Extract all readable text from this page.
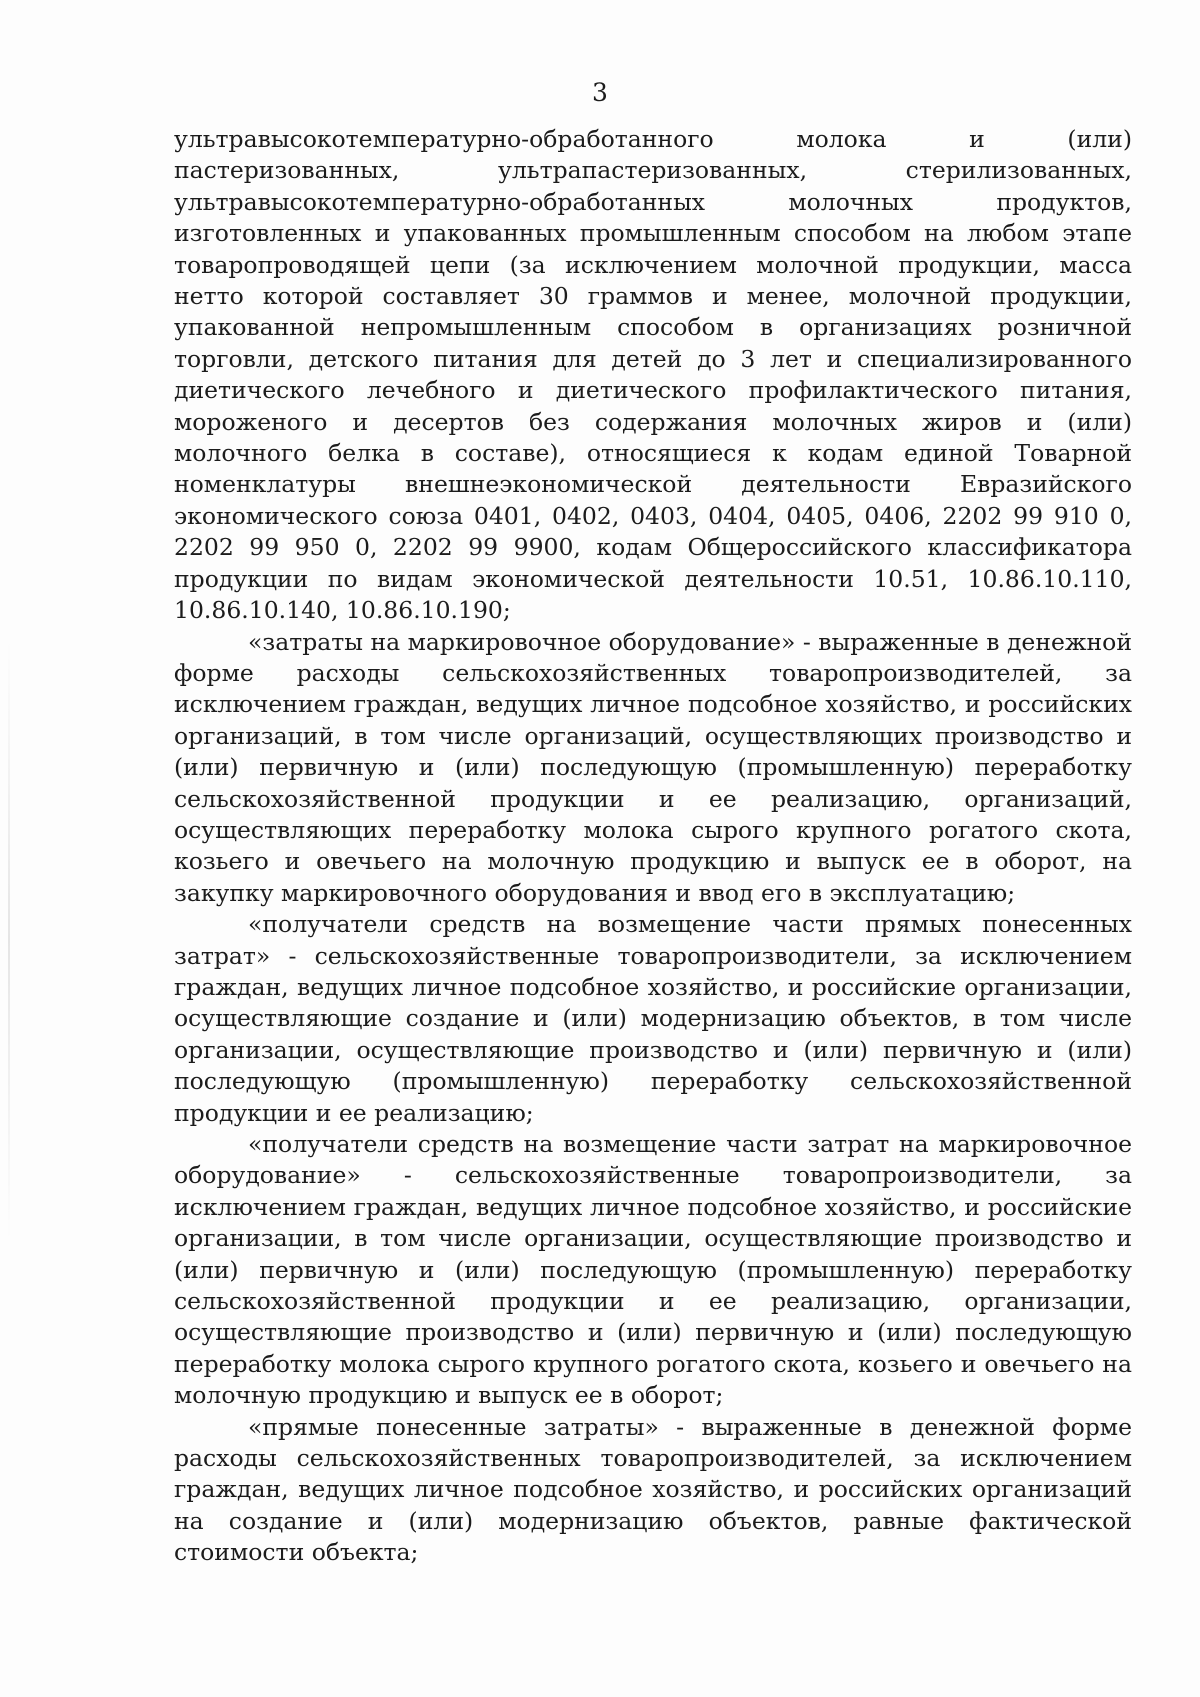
3

ультравысокотемпературно-обработанного молока и (или) пастеризованных, ультрапастеризованных, стерилизованных, ультравысокотемпературно-обработанных молочных продуктов, изготовленных и упакованных промышленным способом на любом этапе товаропроводящей цепи (за исключением молочной продукции, масса нетто которой составляет 30 граммов и менее, молочной продукции, упакованной непромышленным способом в организациях розничной торговли, детского питания для детей до 3 лет и специализированного диетического лечебного и диетического профилактического питания, мороженого и десертов без содержания молочных жиров и (или) молочного белка в составе), относящиеся к кодам единой Товарной номенклатуры внешнеэкономической деятельности Евразийского экономического союза 0401, 0402, 0403, 0404, 0405, 0406, 2202 99 910 0, 2202 99 950 0, 2202 99 9900, кодам Общероссийского классификатора продукции по видам экономической деятельности 10.51, 10.86.10.110, 10.86.10.140, 10.86.10.190;

«затраты на маркировочное оборудование» - выраженные в денежной форме расходы сельскохозяйственных товаропроизводителей, за исключением граждан, ведущих личное подсобное хозяйство, и российских организаций, в том числе организаций, осуществляющих производство и (или) первичную и (или) последующую (промышленную) переработку сельскохозяйственной продукции и ее реализацию, организаций, осуществляющих переработку молока сырого крупного рогатого скота, козьего и овечьего на молочную продукцию и выпуск ее в оборот, на закупку маркировочного оборудования и ввод его в эксплуатацию;

«получатели средств на возмещение части прямых понесенных затрат» - сельскохозяйственные товаропроизводители, за исключением граждан, ведущих личное подсобное хозяйство, и российские организации, осуществляющие создание и (или) модернизацию объектов, в том числе организации, осуществляющие производство и (или) первичную и (или) последующую (промышленную) переработку сельскохозяйственной продукции и ее реализацию;

«получатели средств на возмещение части затрат на маркировочное оборудование» - сельскохозяйственные товаропроизводители, за исключением граждан, ведущих личное подсобное хозяйство, и российские организации, в том числе организации, осуществляющие производство и (или) первичную и (или) последующую (промышленную) переработку сельскохозяйственной продукции и ее реализацию, организации, осуществляющие производство и (или) первичную и (или) последующую переработку молока сырого крупного рогатого скота, козьего и овечьего на молочную продукцию и выпуск ее в оборот;

«прямые понесенные затраты» - выраженные в денежной форме расходы сельскохозяйственных товаропроизводителей, за исключением граждан, ведущих личное подсобное хозяйство, и российских организаций на создание и (или) модернизацию объектов, равные фактической стоимости объекта;
